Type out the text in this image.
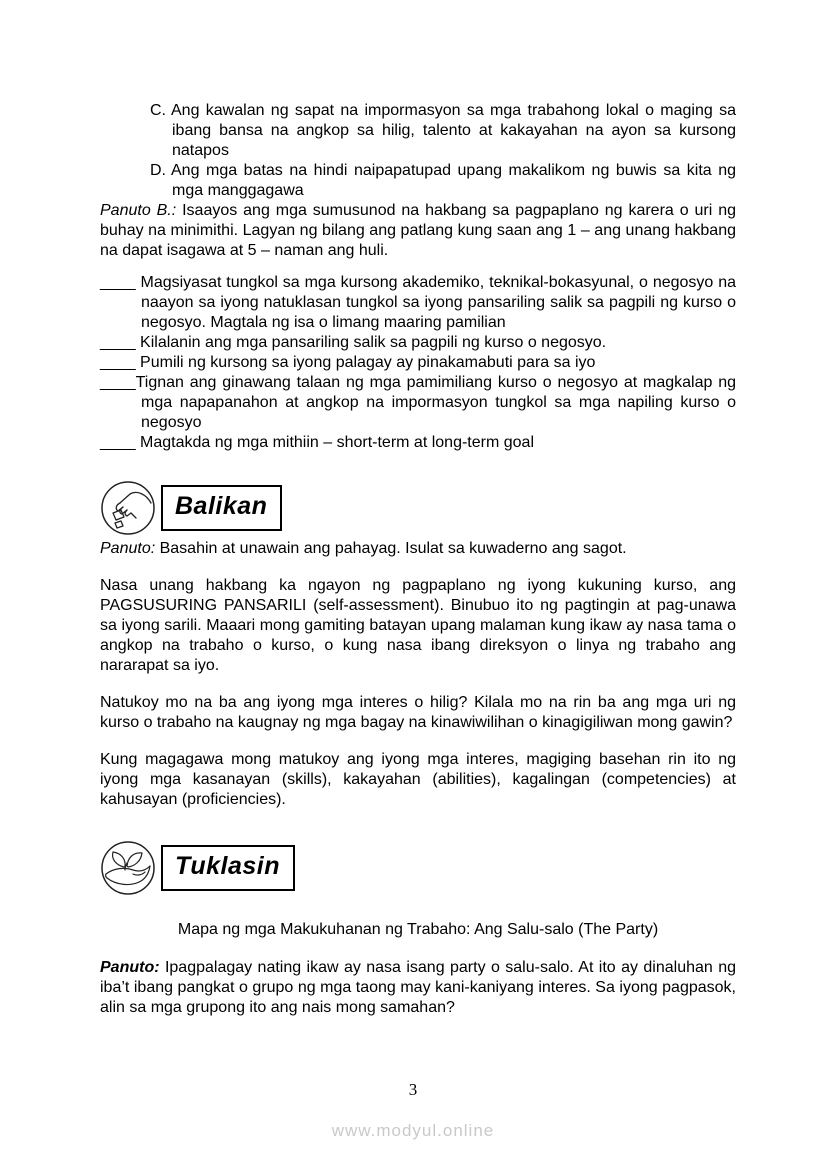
C. Ang kawalan ng sapat na impormasyon sa mga trabahong lokal o maging sa ibang bansa na angkop sa hilig, talento at kakayahan na ayon sa kursong natapos
D. Ang mga batas na hindi naipapatupad upang makalikom ng buwis sa kita ng mga manggagawa
Panuto B.: Isaayos ang mga sumusunod na hakbang sa pagpaplano ng karera o uri ng buhay na minimithi. Lagyan ng bilang ang patlang kung saan ang 1 – ang unang hakbang na dapat isagawa at 5 – naman ang huli.
____ Magsiyasat tungkol sa mga kursong akademiko, teknikal-bokasyunal, o negosyo na naayon sa iyong natuklasan tungkol sa iyong pansariling salik sa pagpili ng kurso o negosyo. Magtala ng isa o limang maaring pamilian
____ Kilalanin ang mga pansariling salik sa pagpili ng kurso o negosyo.
____ Pumili ng kursong sa iyong palagay ay pinakamabuti para sa iyo
____Tignan ang ginawang talaan ng mga pamimiliang kurso o negosyo at magkalap ng mga napapanahon at angkop na impormasyon tungkol sa mga napiling kurso o negosyo
____ Magtakda ng mga mithiin – short-term at long-term goal
Balikan
Panuto: Basahin at unawain ang pahayag. Isulat sa kuwaderno ang sagot.
Nasa unang hakbang ka ngayon ng pagpaplano ng iyong kukuning kurso, ang PAGSUSURING PANSARILI (self-assessment). Binubuo ito ng pagtingin at pag-unawa sa iyong sarili. Maaari mong gamiting batayan upang malaman kung ikaw ay nasa tama o angkop na trabaho o kurso, o kung nasa ibang direksyon o linya ng trabaho ang nararapat sa iyo.
Natukoy mo na ba ang iyong mga interes o hilig? Kilala mo na rin ba ang mga uri ng kurso o trabaho na kaugnay ng mga bagay na kinawiwilihan o kinagigiliwan mong gawin?
Kung magagawa mong matukoy ang iyong mga interes, magiging basehan rin ito ng iyong mga kasanayan (skills), kakayahan (abilities), kagalingan (competencies) at kahusayan (proficiencies).
Tuklasin
Mapa ng mga Makukuhanan ng Trabaho: Ang Salu-salo (The Party)
Panuto: Ipagpalagay nating ikaw ay nasa isang party o salu-salo. At ito ay dinaluhan ng iba’t ibang pangkat o grupo ng mga taong may kani-kaniyang interes. Sa iyong pagpasok, alin sa mga grupong ito ang nais mong samahan?
3
www.modyul.online
